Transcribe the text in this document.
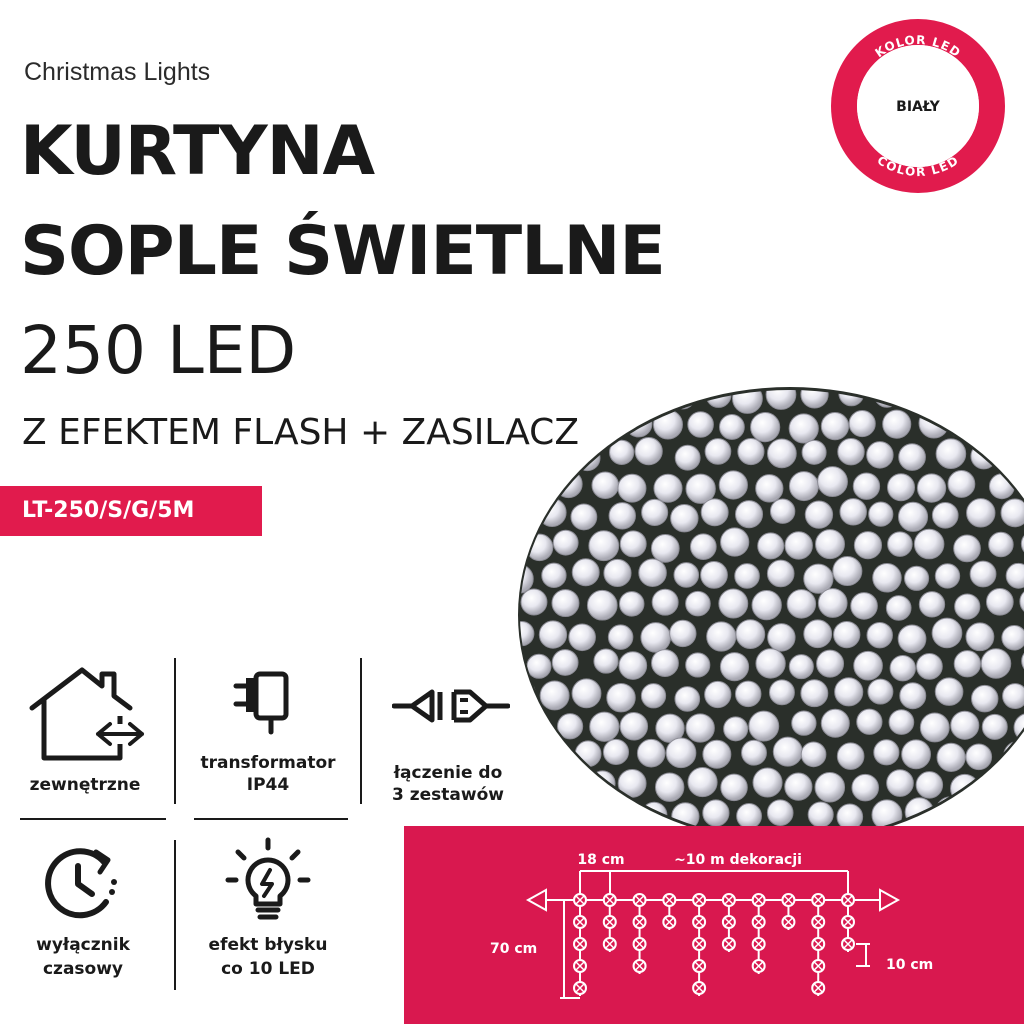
Christmas Lights
KURTYNA
SOPLE ŚWIETLNE
250 LED
Z EFEKTEM FLASH + ZASILACZ
LT-250/S/G/5M
KOLOR LED
COLOR LED
BIAŁY
zewnętrzne
transformator
IP44
łączenie do
3 zestawów
wyłącznik
czasowy
efekt błysku
co 10 LED
18 cm	~10 m dekoracji
70 cm
10 cm
